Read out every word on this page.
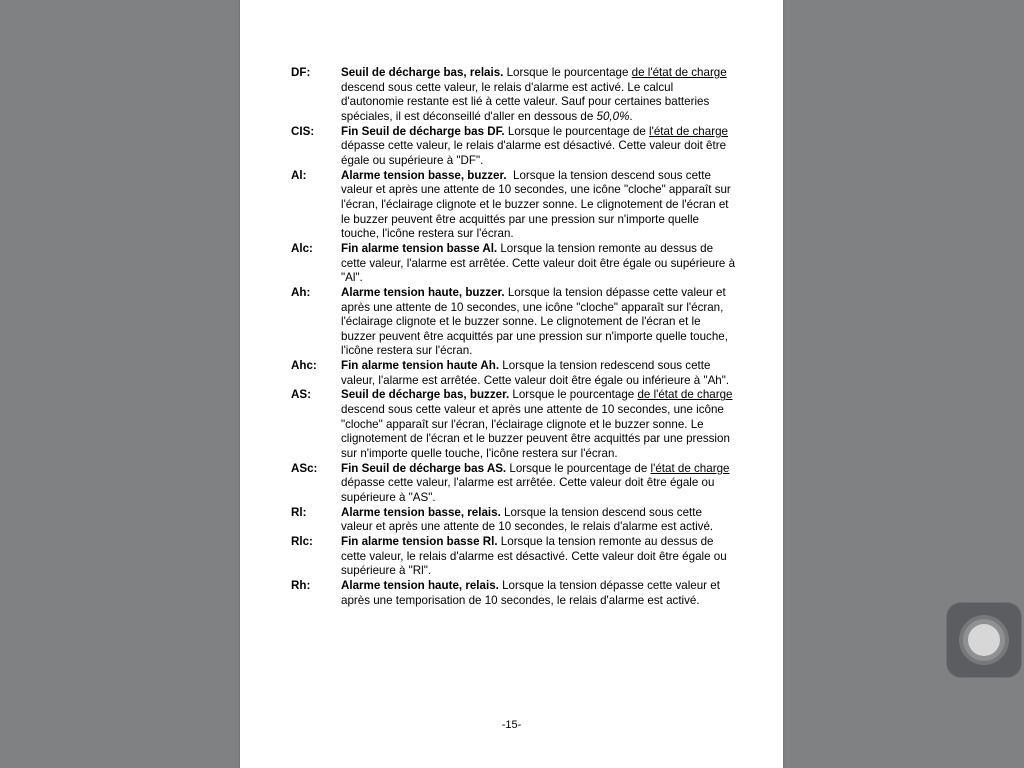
DF:	Seuil de décharge bas, relais. Lorsque le pourcentage de l'état de charge descend sous cette valeur, le relais d'alarme est activé. Le calcul d'autonomie restante est lié à cette valeur. Sauf pour certaines batteries spéciales, il est déconseillé d'aller en dessous de 50,0%.

CIS: Fin Seuil de décharge bas DF. Lorsque le pourcentage de l'état de charge dépasse cette valeur, le relais d'alarme est désactivé. Cette valeur doit être égale ou supérieure à "DF".

Al:	Alarme tension basse, buzzer.  Lorsque la tension descend sous cette valeur et après une attente de 10 secondes, une icône "cloche" apparaît sur l'écran, l'éclairage clignote et le buzzer sonne. Le clignotement de l'écran et le buzzer peuvent être acquittés par une pression sur n'importe quelle touche, l'icône restera sur l'écran.

Alc: Fin alarme tension basse Al. Lorsque la tension remonte au dessus de cette valeur, l'alarme est arrêtée. Cette valeur doit être égale ou supérieure à "Al".

Ah:	Alarme tension haute, buzzer. Lorsque la tension dépasse cette valeur et après une attente de 10 secondes, une icône "cloche" apparaît sur l'écran, l'éclairage clignote et le buzzer sonne. Le clignotement de l'écran et le buzzer peuvent être acquittés par une pression sur n'importe quelle touche, l'icône restera sur l'écran.

Ahc: Fin alarme tension haute Ah. Lorsque la tension redescend sous cette valeur, l'alarme est arrêtée. Cette valeur doit être égale ou inférieure à "Ah".

AS:	Seuil de décharge bas, buzzer. Lorsque le pourcentage de l'état de charge descend sous cette valeur et après une attente de 10 secondes, une icône "cloche" apparaît sur l'écran, l'éclairage clignote et le buzzer sonne. Le clignotement de l'écran et le buzzer peuvent être acquittés par une pression sur n'importe quelle touche, l'icône restera sur l'écran.

ASc: Fin Seuil de décharge bas AS. Lorsque le pourcentage de l'état de charge dépasse cette valeur, l'alarme est arrêtée. Cette valeur doit être égale ou supérieure à "AS".

Rl:	Alarme tension basse, relais. Lorsque la tension descend sous cette valeur et après une attente de 10 secondes, le relais d'alarme est activé.

Rlc: Fin alarme tension basse Rl. Lorsque la tension remonte au dessus de cette valeur, le relais d'alarme est désactivé. Cette valeur doit être égale ou supérieure à "Rl".

Rh:	Alarme tension haute, relais. Lorsque la tension dépasse cette valeur et après une temporisation de 10 secondes, le relais d'alarme est activé.

-15-
